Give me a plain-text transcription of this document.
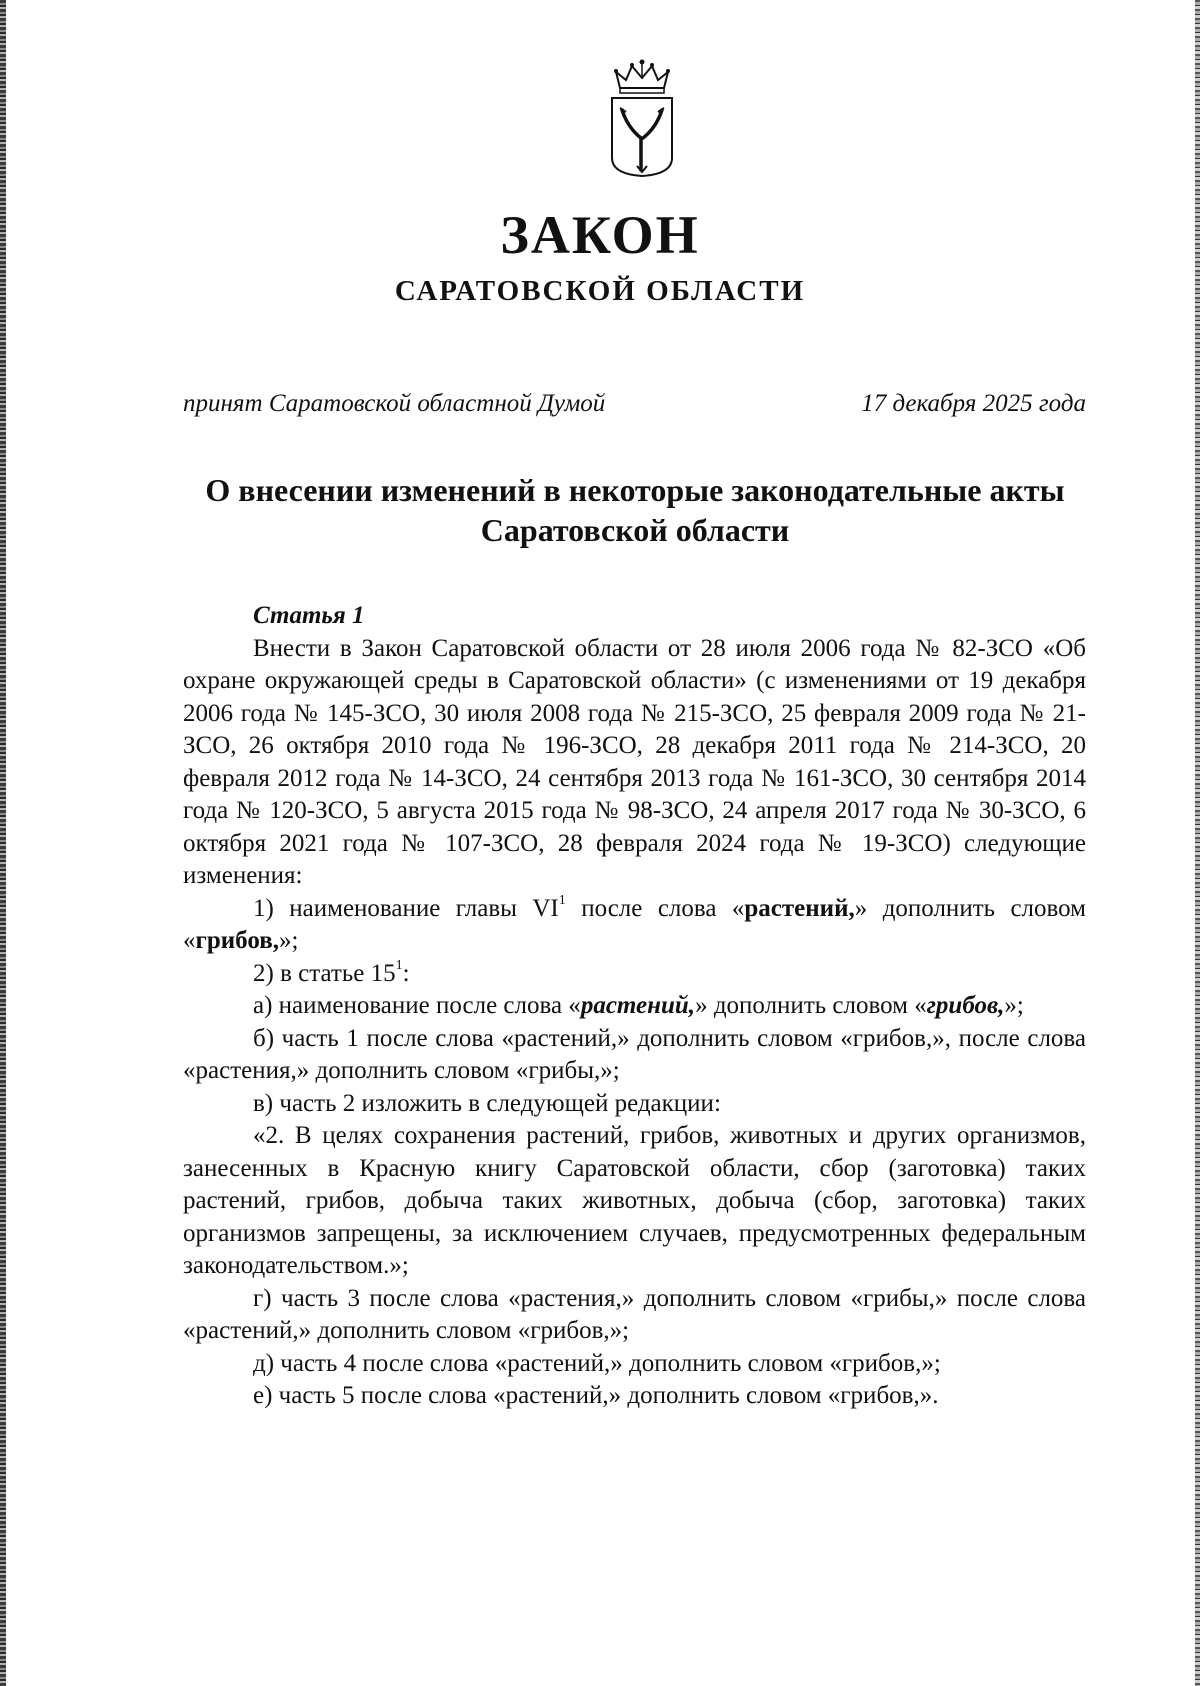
ЗАКОН
САРАТОВСКОЙ ОБЛАСТИ
принят Саратовской областной Думой	17 декабря 2025 года
О внесении изменений в некоторые законодательные акты Саратовской области

Статья 1

Внести в Закон Саратовской области от 28 июля 2006 года № 82-ЗСО «Об охране окружающей среды в Саратовской области» (с изменениями от 19 декабря 2006 года № 145-ЗСО, 30 июля 2008 года № 215-ЗСО, 25 февраля 2009 года № 21-ЗСО, 26 октября 2010 года № 196-ЗСО, 28 декабря 2011 года № 214-ЗСО, 20 февраля 2012 года № 14-ЗСО, 24 сентября 2013 года № 161-ЗСО, 30 сентября 2014 года № 120-ЗСО, 5 августа 2015 года № 98-ЗСО, 24 апреля 2017 года № 30-ЗСО, 6 октября 2021 года № 107-ЗСО, 28 февраля 2024 года № 19-ЗСО) следующие изменения:

1) наименование главы $VI^1$ после слова «растений,» дополнить словом «грибов,»;

2) в статье $15^1$:

а) наименование после слова «растений,» дополнить словом «грибов,»;

б) часть 1 после слова «растений,» дополнить словом «грибов,», после слова «растения,» дополнить словом «грибы,»;

в) часть 2 изложить в следующей редакции:

«2. В целях сохранения растений, грибов, животных и других организмов, занесенных в Красную книгу Саратовской области, сбор (заготовка) таких растений, грибов, добыча таких животных, добыча (сбор, заготовка) таких организмов запрещены, за исключением случаев, предусмотренных федеральным законодательством.»;

г) часть 3 после слова «растения,» дополнить словом «грибы,» после слова «растений,» дополнить словом «грибов,»;

д) часть 4 после слова «растений,» дополнить словом «грибов,»;

е) часть 5 после слова «растений,» дополнить словом «грибов,».
